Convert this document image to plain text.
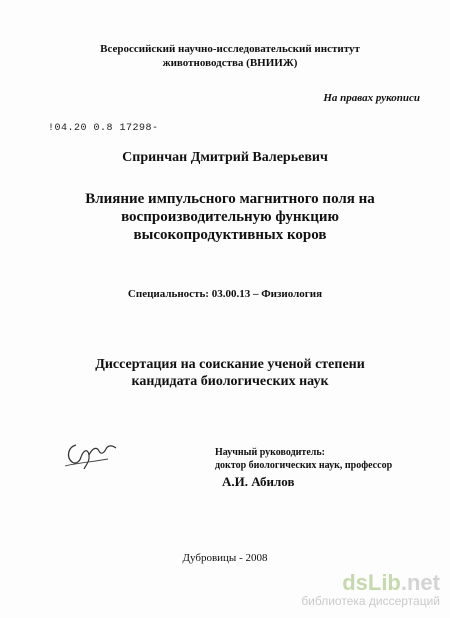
Всероссийский научно-исследовательский институт
животноводства (ВНИИЖ)
На правах рукописи
!04.20 0.8 17298-
Спринчан Дмитрий Валерьевич
Влияние импульсного магнитного поля на
воспроизводительную функцию
высокопродуктивных коров
Специальность: 03.00.13 – Физиология
Диссертация на соискание ученой степени
кандидата биологических наук
Научный руководитель:
доктор биологических наук, профессор
А.И. Абилов
Дубровицы - 2008
dsLib.net
библиотека диссертаций
